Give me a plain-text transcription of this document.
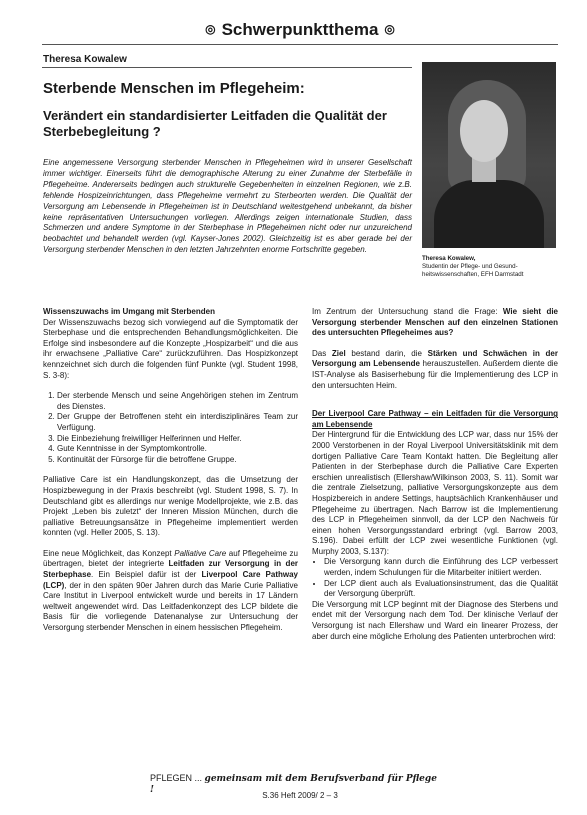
◎ Schwerpunktthema ◎
Theresa Kowalew
Sterbende Menschen im Pflegeheim:
Verändert ein standardisierter Leitfaden die Qualität der Sterbebegleitung ?
Eine angemessene Versorgung sterbender Menschen in Pflegeheimen wird in unserer Gesellschaft immer wichtiger. Einerseits führt die demographische Alterung zu einer Zunahme der Sterbefälle in Pflegeheime. Andererseits bedingen auch strukturelle Gegebenheiten in einzelnen Regionen, wie z.B. fehlende Hospizeinrichtungen, dass Pflegeheime vermehrt zu Sterbeorten werden. Die Qualität der Versorgung am Lebensende in Pflegeheimen ist in Deutschland weitestgehend unbekannt, da bisher keine repräsentativen Untersuchungen vorliegen. Allerdings zeigen internationale Studien, dass Schmerzen und andere Symptome in der Sterbephase in Pflegeheimen nicht oder nur unzureichend beobachtet und behandelt werden (vgl. Kayser-Jones 2002). Gleichzeitig ist es aber gerade bei der Versorgung sterbender Menschen in den letzten Jahrzehnten enorme Fortschritte gegeben.
Theresa Kowalew,
Studentin der Pflege- und Gesund-
heitswissenschaften, EFH Darmstadt
Wissenszuwachs im Umgang mit Sterbenden

Der Wissenszuwachs bezog sich vorwiegend auf die Symptomatik der Sterbephase und die entsprechenden Behandlungsmöglichkeiten. Die Erfolge sind insbesondere auf die Konzepte „Hospizarbeit“ und die aus ihr erwachsene „Palliative Care“ zurückzuführen. Das Hospizkonzept kennzeichnet sich durch die folgenden fünf Punkte (vgl. Student 1998, S. 3-8):

1. Der sterbende Mensch und seine Angehörigen stehen im Zentrum des Dienstes.
2. Der Gruppe der Betroffenen steht ein interdisziplinäres Team zur Verfügung.
3. Die Einbeziehung freiwilliger Helferinnen und Helfer.
4. Gute Kenntnisse in der Symptomkontrolle.
5. Kontinuität der Fürsorge für die betroffene Gruppe.

Palliative Care ist ein Handlungskonzept, das die Umsetzung der Hospizbewegung in der Praxis beschreibt (vgl. Student 1998, S. 7). In Deutschland gibt es allerdings nur wenige Modellprojekte, wie z.B. das Projekt „Leben bis zuletzt“ der Inneren Mission München, durch die palliative Betreuungsansätze in Pflegeheime implementiert werden konnten (vgl. Heller 2005, S. 13).

Eine neue Möglichkeit, das Konzept Palliative Care auf Pflegeheime zu übertragen, bietet der integrierte Leitfaden zur Versorgung in der Sterbephase. Ein Beispiel dafür ist der Liverpool Care Pathway (LCP), der in den späten 90er Jahren durch das Marie Curie Palliative Care Institut in Liverpool entwickelt wurde und bereits in 17 Ländern weltweit angewendet wird. Das Leitfadenkonzept des LCP bildete die Basis für die vorliegende Datenanalyse zur Untersuchung der Versorgung sterbender Menschen in einem hessischen Pflegeheim.

Im Zentrum der Untersuchung stand die Frage: Wie sieht die Versorgung sterbender Menschen auf den einzelnen Stationen des untersuchten Pflegeheimes aus?

Das Ziel bestand darin, die Stärken und Schwächen in der Versorgung am Lebensende herauszustellen. Außerdem diente die IST-Analyse als Basiserhebung für die Implementierung des LCP in den untersuchten Heim.

Der Liverpool Care Pathway – ein Leitfaden für die Versorgung am Lebensende
Der Hintergrund für die Entwicklung des LCP war, dass nur 15% der 2000 Verstorbenen in der Royal Liverpool Universitätsklinik mit dem dortigen Palliative Care Team Kontakt hatten. Die Begleitung aller Patienten in der Sterbephase durch die Palliative Care Experten erschien unrealistisch (Ellershaw/Wilkinson 2003, S. 11). Somit war die zentrale Zielsetzung, palliative Versorgungskonzepte aus dem Hospizbereich in andere Settings, hauptsächlich Krankenhäuser und Pflegeheime zu übertragen. Nach Barrow ist die Implementierung des LCP in Pflegeheimen sinnvoll, da der LCP den Nachweis für einen hohen Versorgungsstandard erbringt (vgl. Barrow 2003, S.196). Dabei erfüllt der LCP zwei wesentliche Funktionen (vgl. Murphy 2003, S.137):
• Die Versorgung kann durch die Einführung des LCP verbessert werden, indem Schulungen für die Mitarbeiter initiiert werden.
• Der LCP dient auch als Evaluationsinstrument, das die Qualität der Versorgung überprüft.
Die Versorgung mit LCP beginnt mit der Diagnose des Sterbens und endet mit der Versorgung nach dem Tod. Der klinische Verlauf der Versorgung ist nach Ellershaw und Ward ein linearer Prozess, der aber durch eine mögliche Erholung des Patienten unterbrochen wird:
PFLEGEN ... gemeinsam mit dem Berufsverband für Pflege !
S.36 Heft 2009/ 2 – 3
